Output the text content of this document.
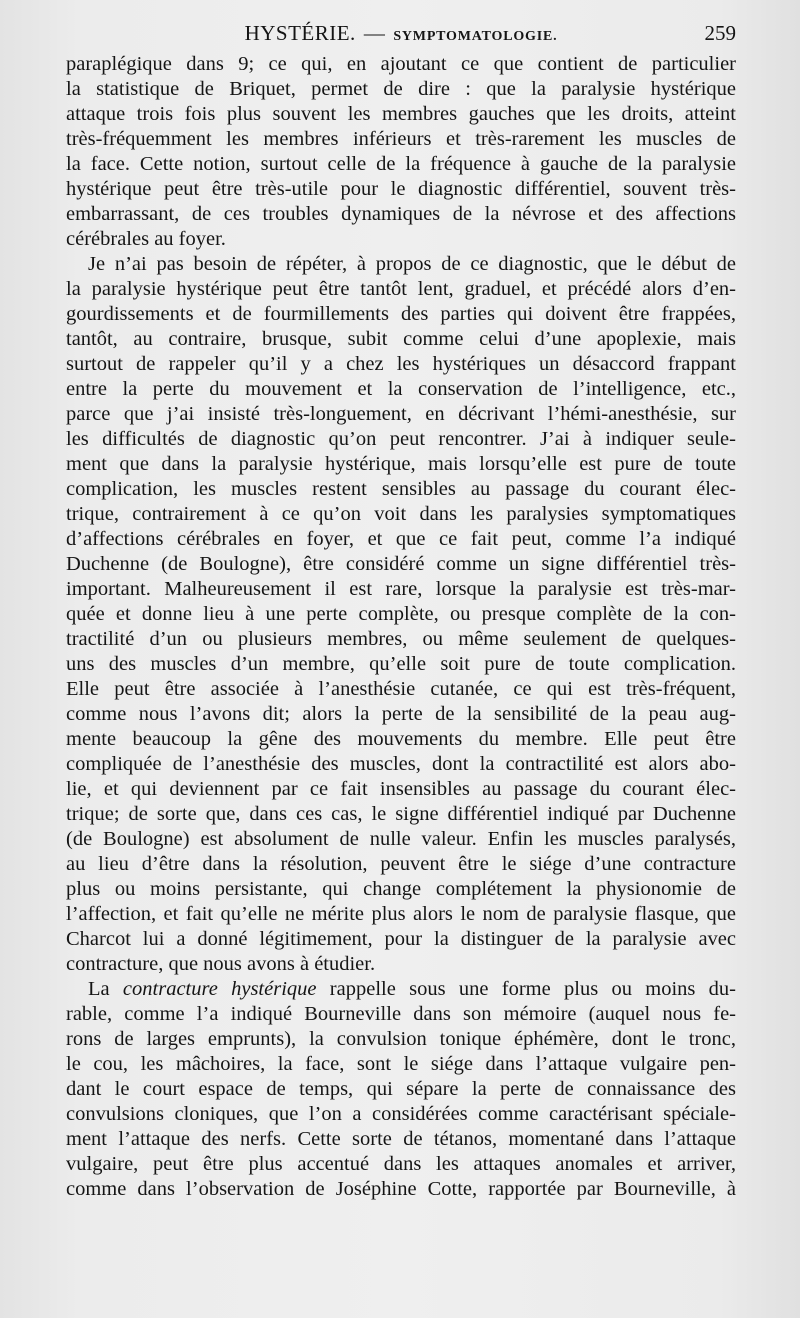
HYSTÉRIE. — SYMPTOMATOLOGIE.	259
paraplégique dans 9; ce qui, en ajoutant ce que contient de particulier
la statistique de Briquet, permet de dire : que la paralysie hystérique
attaque trois fois plus souvent les membres gauches que les droits, atteint
très-fréquemment les membres inférieurs et très-rarement les muscles de
la face. Cette notion, surtout celle de la fréquence à gauche de la paralysie
hystérique peut être très-utile pour le diagnostic différentiel, souvent très-
embarrassant, de ces troubles dynamiques de la névrose et des affections
cérébrales au foyer.
Je n’ai pas besoin de répéter, à propos de ce diagnostic, que le début de
la paralysie hystérique peut être tantôt lent, graduel, et précédé alors d’en-
gourdissements et de fourmillements des parties qui doivent être frappées,
tantôt, au contraire, brusque, subit comme celui d’une apoplexie, mais
surtout de rappeler qu’il y a chez les hystériques un désaccord frappant
entre la perte du mouvement et la conservation de l’intelligence, etc.,
parce que j’ai insisté très-longuement, en décrivant l’hémi-anesthésie, sur
les difficultés de diagnostic qu’on peut rencontrer. J’ai à indiquer seule-
ment que dans la paralysie hystérique, mais lorsqu’elle est pure de toute
complication, les muscles restent sensibles au passage du courant élec-
trique, contrairement à ce qu’on voit dans les paralysies symptomatiques
d’affections cérébrales en foyer, et que ce fait peut, comme l’a indiqué
Duchenne (de Boulogne), être considéré comme un signe différentiel très-
important. Malheureusement il est rare, lorsque la paralysie est très-mar-
quée et donne lieu à une perte complète, ou presque complète de la con-
tractilité d’un ou plusieurs membres, ou même seulement de quelques-
uns des muscles d’un membre, qu’elle soit pure de toute complication.
Elle peut être associée à l’anesthésie cutanée, ce qui est très-fréquent,
comme nous l’avons dit; alors la perte de la sensibilité de la peau aug-
mente beaucoup la gêne des mouvements du membre. Elle peut être
compliquée de l’anesthésie des muscles, dont la contractilité est alors abo-
lie, et qui deviennent par ce fait insensibles au passage du courant élec-
trique; de sorte que, dans ces cas, le signe différentiel indiqué par Duchenne
(de Boulogne) est absolument de nulle valeur. Enfin les muscles paralysés,
au lieu d’être dans la résolution, peuvent être le siége d’une contracture
plus ou moins persistante, qui change complétement la physionomie de
l’affection, et fait qu’elle ne mérite plus alors le nom de paralysie flasque, que
Charcot lui a donné légitimement, pour la distinguer de la paralysie avec
contracture, que nous avons à étudier.
La contracture hystérique rappelle sous une forme plus ou moins du-
rable, comme l’a indiqué Bourneville dans son mémoire (auquel nous fe-
rons de larges emprunts), la convulsion tonique éphémère, dont le tronc,
le cou, les mâchoires, la face, sont le siége dans l’attaque vulgaire pen-
dant le court espace de temps, qui sépare la perte de connaissance des
convulsions cloniques, que l’on a considérées comme caractérisant spéciale-
ment l’attaque des nerfs. Cette sorte de tétanos, momentané dans l’attaque
vulgaire, peut être plus accentué dans les attaques anomales et arriver,
comme dans l’observation de Joséphine Cotte, rapportée par Bourneville, à
